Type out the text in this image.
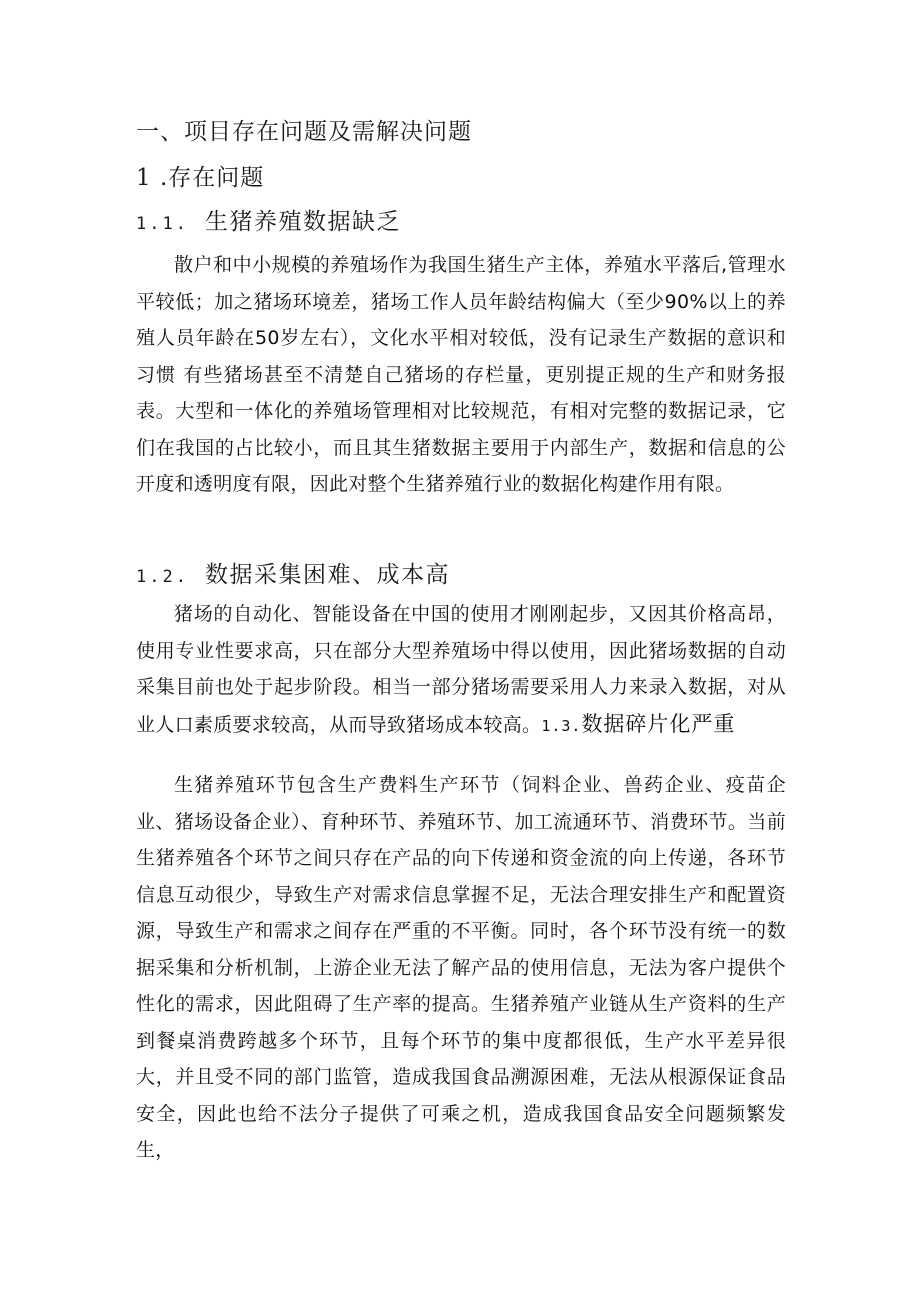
一、项目存在问题及需解决问题
1 .存在问题
1.1. 生猪养殖数据缺乏

散户和中小规模的养殖场作为我国生猪生产主体，养殖水平落后,管理水平较低；加之猪场环境差，猪场工作人员年龄结构偏大（至少90%以上的养殖人员年龄在50岁左右），文化水平相对较低，没有记录生产数据的意识和习惯 有些猪场甚至不清楚自己猪场的存栏量，更别提正规的生产和财务报表。大型和一体化的养殖场管理相对比较规范，有相对完整的数据记录，它们在我国的占比较小，而且其生猪数据主要用于内部生产，数据和信息的公开度和透明度有限，因此对整个生猪养殖行业的数据化构建作用有限。

1.2. 数据采集困难、成本高

猪场的自动化、智能设备在中国的使用才刚刚起步，又因其价格高昂，使用专业性要求高，只在部分大型养殖场中得以使用，因此猪场数据的自动采集目前也处于起步阶段。相当一部分猪场需要采用人力来录入数据，对从业人口素质要求较高，从而导致猪场成本较高。1.3.数据碎片化严重

生猪养殖环节包含生产费料生产环节（饲料企业、兽药企业、疫苗企业、猪场设备企业）、育种环节、养殖环节、加工流通环节、消费环节。当前生猪养殖各个环节之间只存在产品的向下传递和资金流的向上传递，各环节信息互动很少，导致生产对需求信息掌握不足，无法合理安排生产和配置资源，导致生产和需求之间存在严重的不平衡。同时，各个环节没有统一的数据采集和分析机制，上游企业无法了解产品的使用信息，无法为客户提供个性化的需求，因此阻碍了生产率的提高。生猪养殖产业链从生产资料的生产到餐桌消费跨越多个环节，且每个环节的集中度都很低，生产水平差异很大，并且受不同的部门监管，造成我国食品溯源困难，无法从根源保证食品安全，因此也给不法分子提供了可乘之机，造成我国食品安全问题频繁发生，
